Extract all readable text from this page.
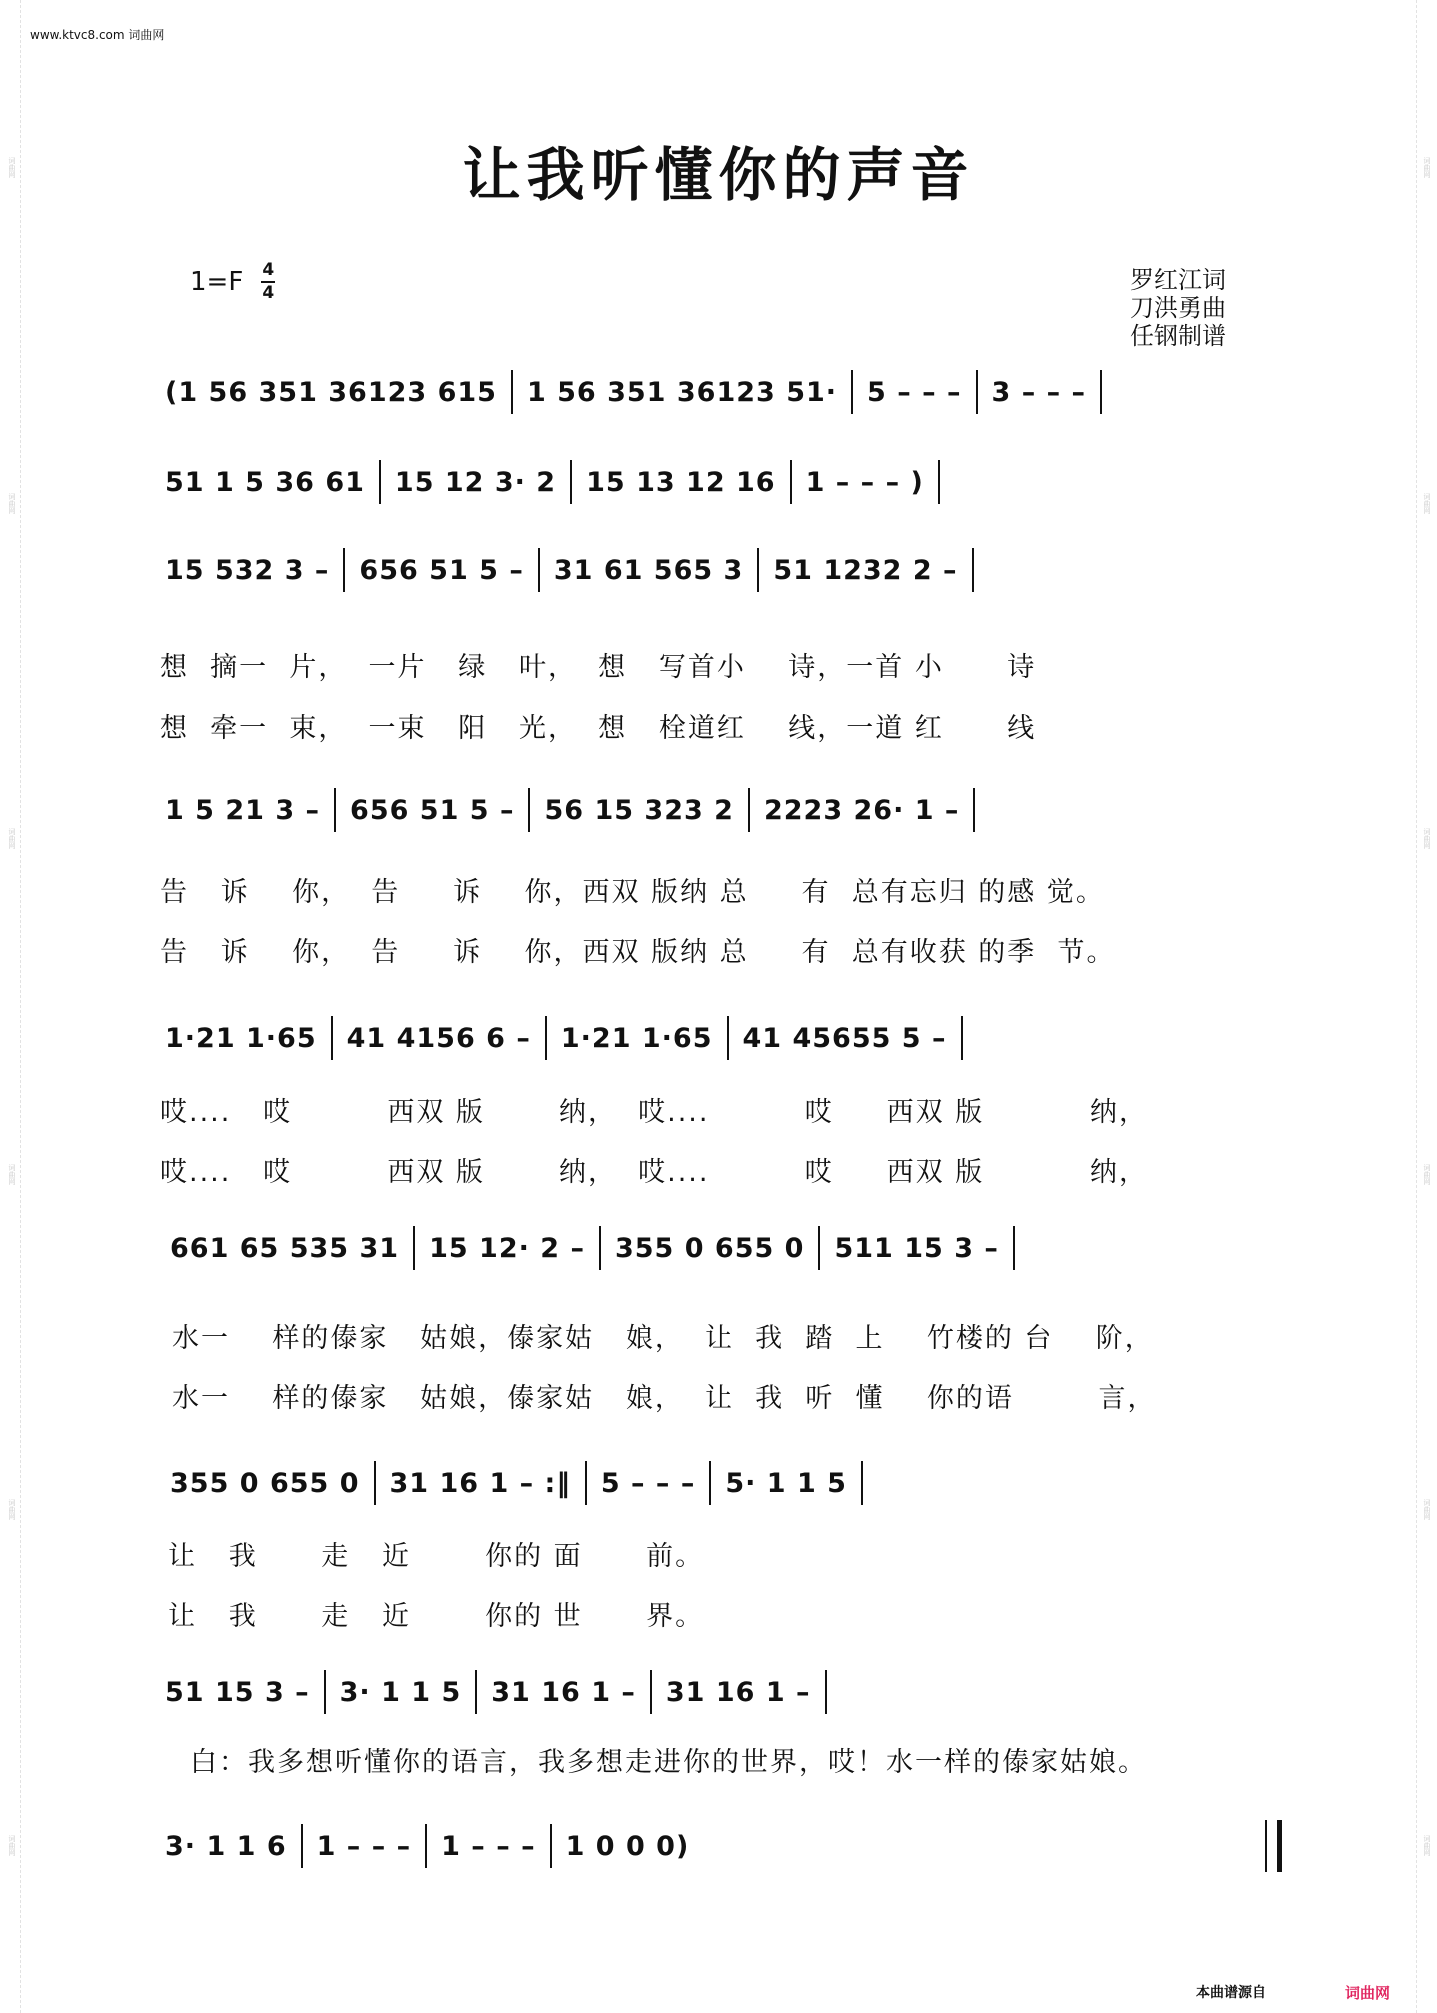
词曲网
词曲网
词曲网
词曲网
词曲网
词曲网
词曲网
词曲网
词曲网
词曲网
词曲网
词曲网
www.ktvc8.com 词曲网
让我听懂你的声音
$1=F \frac{4}{4}$	罗红江词
刀洪勇曲
任钢制谱
(1 56 351 36123 615 1 56 351 36123 51· 5 – – – 3 – – –
51 1 5 36 61 15 12 3· 2 15 13 12 16 1 – – – )
15 532 3 – 656 51 5 – 31 61 565 3 51 1232 2 –
想  摘一  片，  一片   绿   叶，  想   写首小    诗，一首 小      诗
想  牵一  束，  一束   阳   光，  想   栓道红    线，一道 红      线
1 5 21 3 – 656 51 5 – 56 15 323 2 2223 26· 1 –
告   诉    你，  告     诉    你，西双 版纳 总     有  总有忘归 的感 觉。
告   诉    你，  告     诉    你，西双 版纳 总     有  总有收获 的季  节。
1·21 1·65 41 4156 6 – 1·21 1·65 41 45655 5 –
哎....   哎         西双 版       纳，  哎....         哎     西双 版          纳，
哎....   哎         西双 版       纳，  哎....         哎     西双 版          纳，
661 65 535 31 15 12· 2 – 355 0 655 0 511 15 3 –
水一    样的傣家   姑娘，傣家姑   娘，  让  我  踏  上    竹楼的 台    阶，
水一    样的傣家   姑娘，傣家姑   娘，  让  我  听  懂    你的语        言，
355 0 655 0 31 16 1 – :‖ 5 – – – 5· 1 1 5
让   我      走   近       你的 面      前。
让   我      走   近       你的 世      界。
51 15 3 – 3· 1 1 5 31 16 1 – 31 16 1 –
白：我多想听懂你的语言，我多想走进你的世界，哎！水一样的傣家姑娘。
3· 1 1 6 1 – – – 1 – – – 1 0 0 0)
本曲谱源自	词曲网
